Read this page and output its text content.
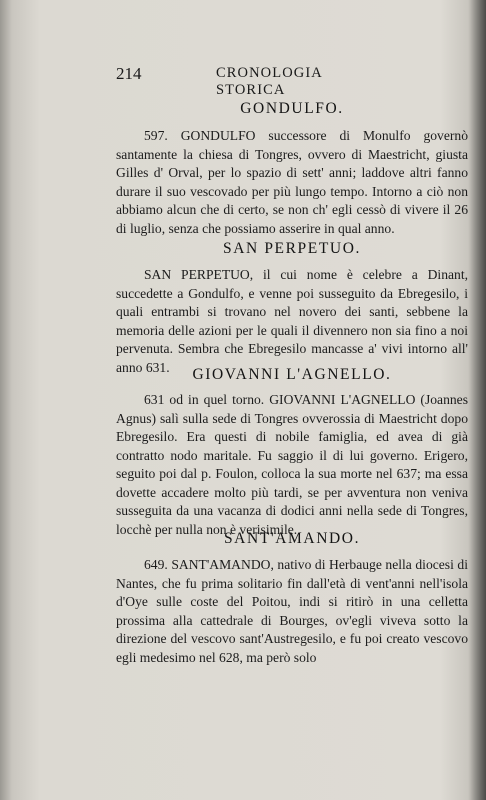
214	CRONOLOGIA STORICA
GONDULFO.

597. GONDULFO successore di Monulfo governò santamente la chiesa di Tongres, ovvero di Maestricht, giusta Gilles d' Orval, per lo spazio di sett' anni; laddove altri fanno durare il suo vescovado per più lungo tempo. Intorno a ciò non abbiamo alcun che di certo, se non ch' egli cessò di vivere il 26 di luglio, senza che possiamo asserire in qual anno.

SAN PERPETUO.

SAN PERPETUO, il cui nome è celebre a Dinant, succedette a Gondulfo, e venne poi susseguito da Ebregesilo, i quali entrambi si trovano nel novero dei santi, sebbene la memoria delle azioni per le quali il divennero non sia fino a noi pervenuta. Sembra che Ebregesilo mancasse a' vivi intorno all' anno 631.	GIOVANNI L'AGNELLO.

631 od in quel torno. GIOVANNI L'AGNELLO (Joannes Agnus) salì sulla sede di Tongres ovverossia di Maestricht dopo Ebregesilo. Era questi di nobile famiglia, ed avea di già contratto nodo maritale. Fu saggio il di lui governo. Erigero, seguito poi dal p. Foulon, colloca la sua morte nel 637; ma essa dovette accadere molto più tardi, se per avventura non veniva susseguita da una vacanza di dodici anni nella sede di Tongres, locchè per nulla non è verisimile.

SANT'AMANDO.

649. SANT'AMANDO, nativo di Herbauge nella diocesi di Nantes, che fu prima solitario fin dall'età di vent'anni nell'isola d'Oye sulle coste del Poitou, indi si ritirò in una celletta prossima alla cattedrale di Bourges, ov'egli viveva sotto la direzione del vescovo sant'Austregesilo, e fu poi creato vescovo egli medesimo nel 628, ma però solo
